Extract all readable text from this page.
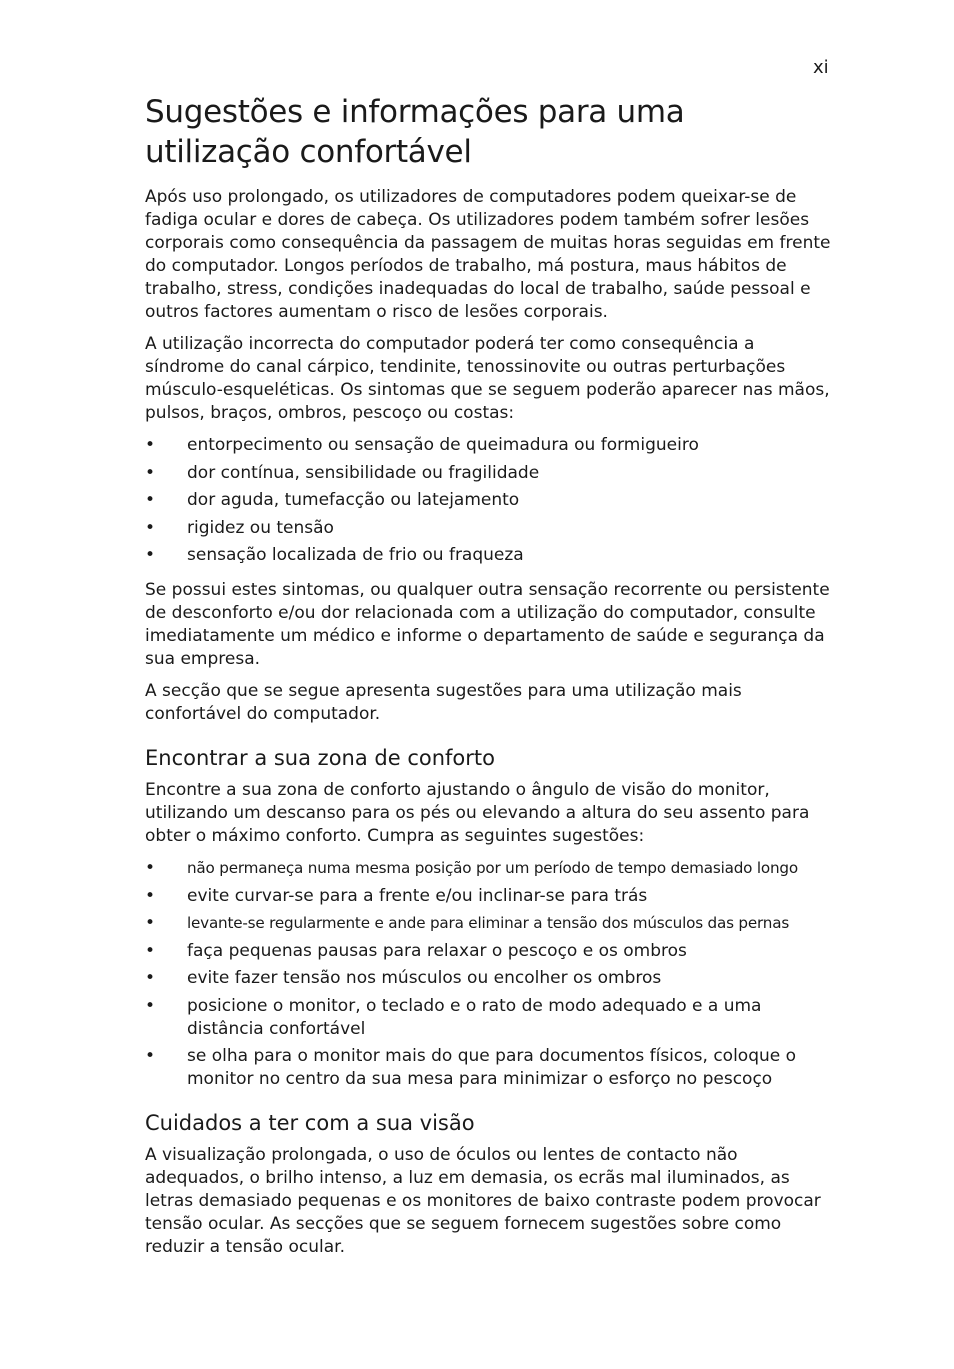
xi
Sugestões e informações para uma utilização confortável

Após uso prolongado, os utilizadores de computadores podem queixar-se de fadiga ocular e dores de cabeça. Os utilizadores podem também sofrer lesões corporais como consequência da passagem de muitas horas seguidas em frente do computador. Longos períodos de trabalho, má postura, maus hábitos de trabalho, stress, condições inadequadas do local de trabalho, saúde pessoal e outros factores aumentam o risco de lesões corporais.

A utilização incorrecta do computador poderá ter como consequência a síndrome do canal cárpico, tendinite, tenossinovite ou outras perturbações músculo-esqueléticas. Os sintomas que se seguem poderão aparecer nas mãos, pulsos, braços, ombros, pescoço ou costas:

• entorpecimento ou sensação de queimadura ou formigueiro
• dor contínua, sensibilidade ou fragilidade
• dor aguda, tumefacção ou latejamento
• rigidez ou tensão
• sensação localizada de frio ou fraqueza

Se possui estes sintomas, ou qualquer outra sensação recorrente ou persistente de desconforto e/ou dor relacionada com a utilização do computador, consulte imediatamente um médico e informe o departamento de saúde e segurança da sua empresa.

A secção que se segue apresenta sugestões para uma utilização mais confortável do computador.

Encontrar a sua zona de conforto

Encontre a sua zona de conforto ajustando o ângulo de visão do monitor, utilizando um descanso para os pés ou elevando a altura do seu assento para obter o máximo conforto. Cumpra as seguintes sugestões:

• não permaneça numa mesma posição por um período de tempo demasiado longo
• evite curvar-se para a frente e/ou inclinar-se para trás
• levante-se regularmente e ande para eliminar a tensão dos músculos das pernas
• faça pequenas pausas para relaxar o pescoço e os ombros
• evite fazer tensão nos músculos ou encolher os ombros
• posicione o monitor, o teclado e o rato de modo adequado e a uma distância confortável
• se olha para o monitor mais do que para documentos físicos, coloque o monitor no centro da sua mesa para minimizar o esforço no pescoço
Cuidados a ter com a sua visão

A visualização prolongada, o uso de óculos ou lentes de contacto não adequados, o brilho intenso, a luz em demasia, os ecrãs mal iluminados, as letras demasiado pequenas e os monitores de baixo contraste podem provocar tensão ocular. As secções que se seguem fornecem sugestões sobre como reduzir a tensão ocular.
